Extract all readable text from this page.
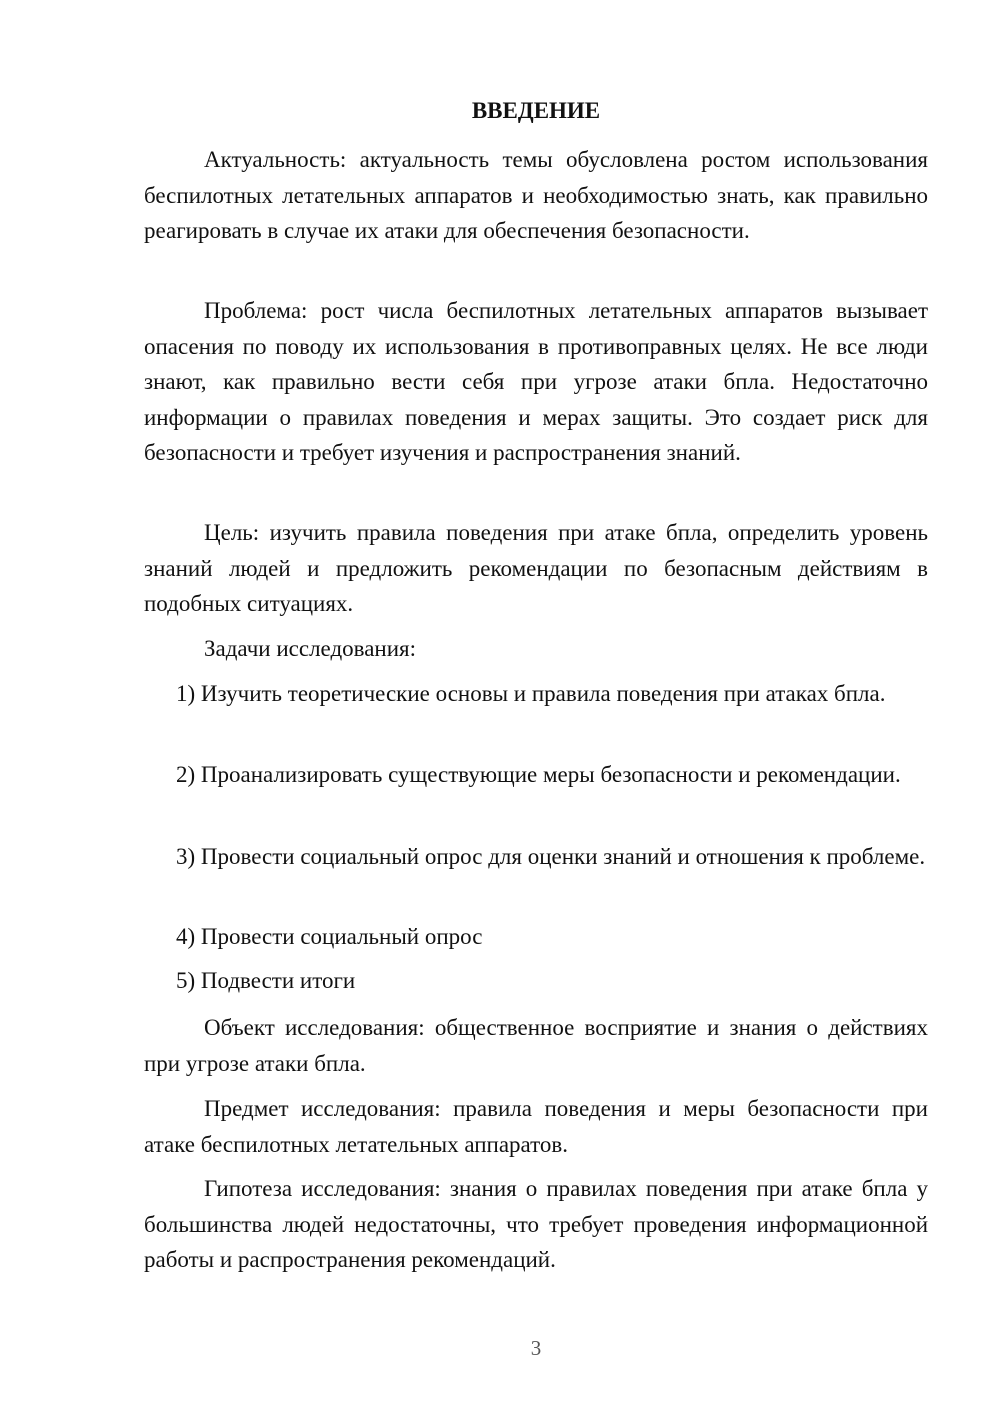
ВВЕДЕНИЕ

Актуальность: актуальность темы обусловлена ростом использования беспилотных летательных аппаратов и необходимостью знать, как правильно реагировать в случае их атаки для обеспечения безопасности.

Проблема: рост числа беспилотных летательных аппаратов вызывает опасения по поводу их использования в противоправных целях. Не все люди знают, как правильно вести себя при угрозе атаки бпла. Недостаточно информации о правилах поведения и мерах защиты. Это создает риск для безопасности и требует изучения и распространения знаний.

Цель: изучить правила поведения при атаке бпла, определить уровень знаний людей и предложить рекомендации по безопасным действиям в подобных ситуациях.

Задачи исследования:

1) Изучить теоретические основы и правила поведения при атаках бпла.

2) Проанализировать существующие меры безопасности и рекомендации.

3) Провести социальный опрос для оценки знаний и отношения к проблеме.

4) Провести социальный опрос

5) Подвести итоги

Объект исследования: общественное восприятие и знания о действиях при угрозе атаки бпла.

Предмет исследования: правила поведения и меры безопасности при атаке беспилотных летательных аппаратов.

Гипотеза исследования: знания о правилах поведения при атаке бпла у большинства людей недостаточны, что требует проведения информационной работы и распространения рекомендаций.

3
